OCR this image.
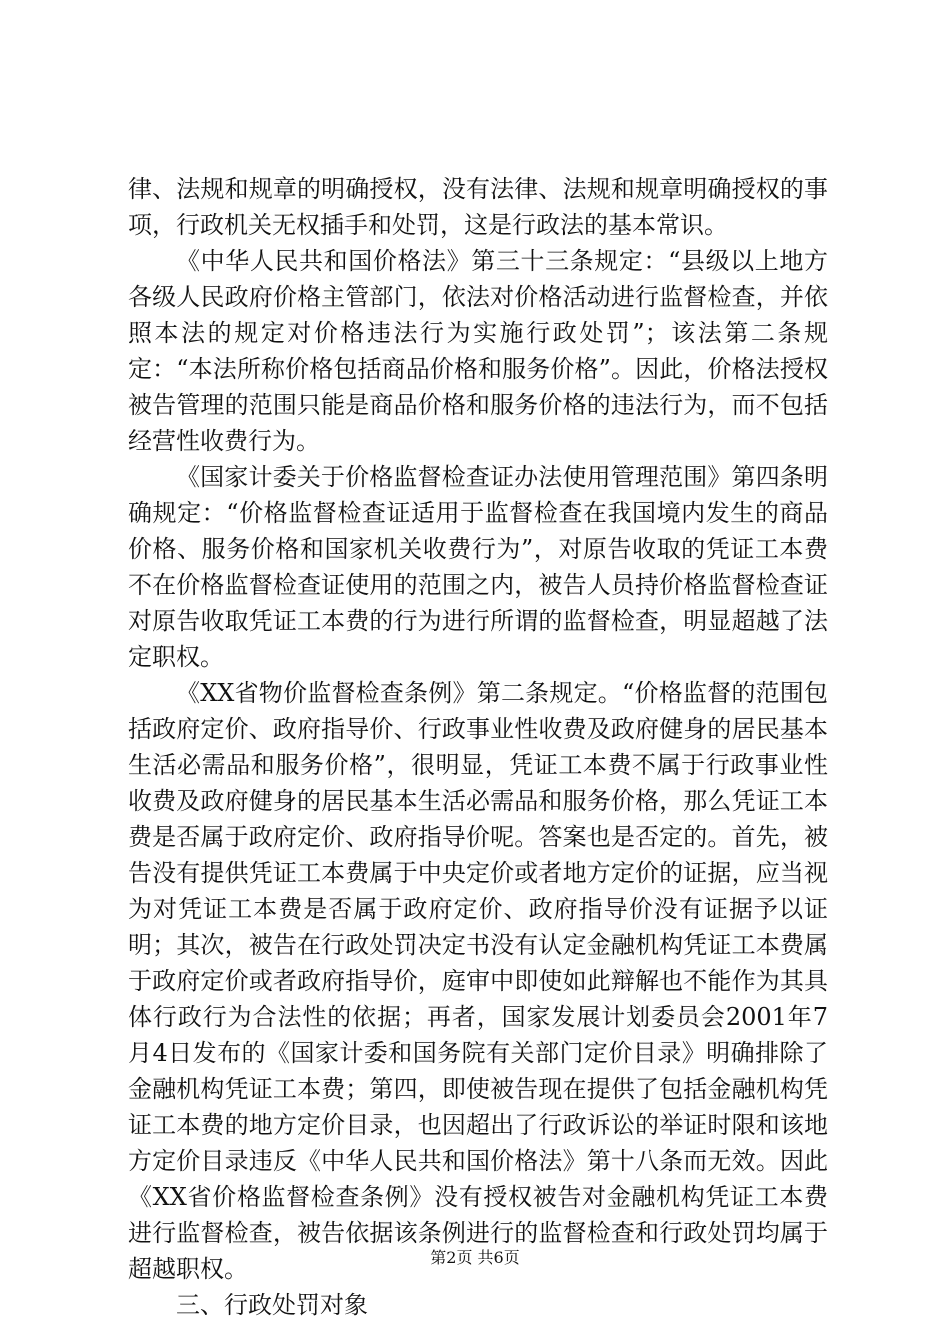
律、法规和规章的明确授权，没有法律、法规和规章明确授权的事项，行政机关无权插手和处罚，这是行政法的基本常识。

《中华人民共和国价格法》第三十三条规定：“县级以上地方各级人民政府价格主管部门，依法对价格活动进行监督检查，并依照本法的规定对价格违法行为实施行政处罚”；该法第二条规定：“本法所称价格包括商品价格和服务价格”。因此，价格法授权被告管理的范围只能是商品价格和服务价格的违法行为，而不包括经营性收费行为。

《国家计委关于价格监督检查证办法使用管理范围》第四条明确规定：“价格监督检查证适用于监督检查在我国境内发生的商品价格、服务价格和国家机关收费行为”，对原告收取的凭证工本费不在价格监督检查证使用的范围之内，被告人员持价格监督检查证对原告收取凭证工本费的行为进行所谓的监督检查，明显超越了法定职权。

《XX省物价监督检查条例》第二条规定。“价格监督的范围包括政府定价、政府指导价、行政事业性收费及政府健身的居民基本生活必需品和服务价格”，很明显，凭证工本费不属于行政事业性收费及政府健身的居民基本生活必需品和服务价格，那么凭证工本费是否属于政府定价、政府指导价呢。答案也是否定的。首先，被告没有提供凭证工本费属于中央定价或者地方定价的证据，应当视为对凭证工本费是否属于政府定价、政府指导价没有证据予以证明；其次，被告在行政处罚决定书没有认定金融机构凭证工本费属于政府定价或者政府指导价，庭审中即使如此辩解也不能作为其具体行政行为合法性的依据；再者，国家发展计划委员会2001年7月4日发布的《国家计委和国务院有关部门定价目录》明确排除了金融机构凭证工本费；第四，即使被告现在提供了包括金融机构凭证工本费的地方定价目录，也因超出了行政诉讼的举证时限和该地方定价目录违反《中华人民共和国价格法》第十八条而无效。因此《XX省价格监督检查条例》没有授权被告对金融机构凭证工本费进行监督检查，被告依据该条例进行的监督检查和行政处罚均属于超越职权。

三、行政处罚对象

第2页 共6页
